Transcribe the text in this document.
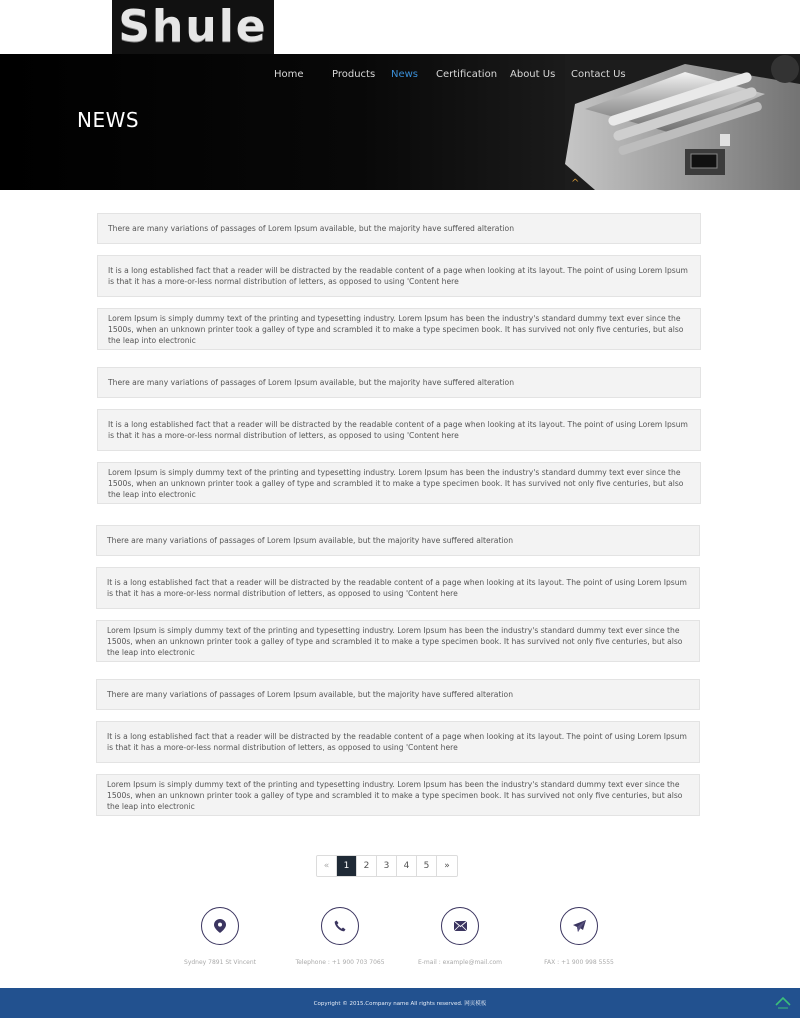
Shule
Home	Products News Certification About Us Contact Us
NEWS
^
There are many variations of passages of Lorem Ipsum available, but the majority have suffered alteration
It is a long established fact that a reader will be distracted by the readable content of a page when looking at its layout. The point of using Lorem Ipsum is that it has a more-or-less normal distribution of letters, as opposed to using 'Content here
Lorem Ipsum is simply dummy text of the printing and typesetting industry. Lorem Ipsum has been the industry's standard dummy text ever since the 1500s, when an unknown printer took a galley of type and scrambled it to make a type specimen book. It has survived not only five centuries, but also the leap into electronic
There are many variations of passages of Lorem Ipsum available, but the majority have suffered alteration
It is a long established fact that a reader will be distracted by the readable content of a page when looking at its layout. The point of using Lorem Ipsum is that it has a more-or-less normal distribution of letters, as opposed to using 'Content here
Lorem Ipsum is simply dummy text of the printing and typesetting industry. Lorem Ipsum has been the industry's standard dummy text ever since the 1500s, when an unknown printer took a galley of type and scrambled it to make a type specimen book. It has survived not only five centuries, but also the leap into electronic
There are many variations of passages of Lorem Ipsum available, but the majority have suffered alteration
It is a long established fact that a reader will be distracted by the readable content of a page when looking at its layout. The point of using Lorem Ipsum is that it has a more-or-less normal distribution of letters, as opposed to using 'Content here
Lorem Ipsum is simply dummy text of the printing and typesetting industry. Lorem Ipsum has been the industry's standard dummy text ever since the 1500s, when an unknown printer took a galley of type and scrambled it to make a type specimen book. It has survived not only five centuries, but also the leap into electronic
There are many variations of passages of Lorem Ipsum available, but the majority have suffered alteration
It is a long established fact that a reader will be distracted by the readable content of a page when looking at its layout. The point of using Lorem Ipsum is that it has a more-or-less normal distribution of letters, as opposed to using 'Content here
Lorem Ipsum is simply dummy text of the printing and typesetting industry. Lorem Ipsum has been the industry's standard dummy text ever since the 1500s, when an unknown printer took a galley of type and scrambled it to make a type specimen book. It has survived not only five centuries, but also the leap into electronic
«	1	2	3	4	5	»
Sydney 7891 St Vincent	Telephone : +1 900 703 7065	E-mail : example@mail.com	FAX : +1 900 998 5555
Copyright © 2015.Company name All rights reserved. 网页模板
